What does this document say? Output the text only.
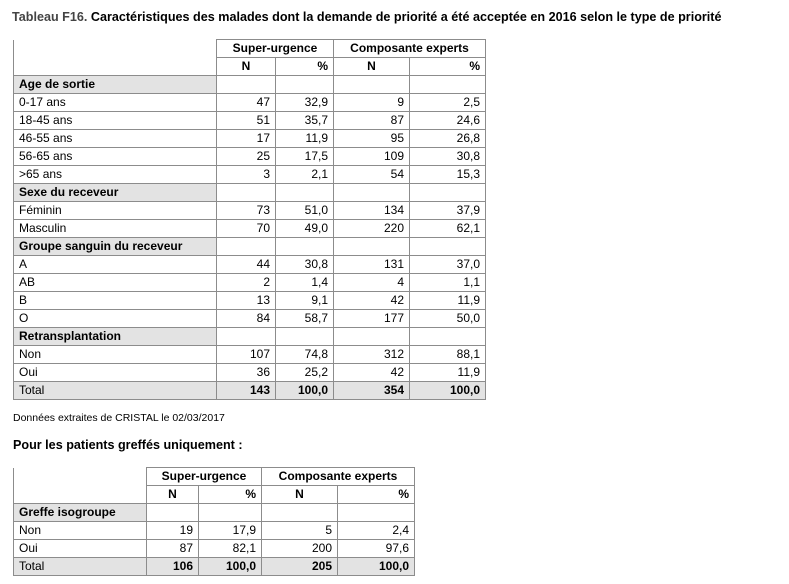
Tableau F16. Caractéristiques des malades dont la demande de priorité a été acceptée en 2016 selon le type de priorité
	Super-urgence		Composante experts	
	N	%	N	%
Age de sortie				
0-17 ans	47	32,9	9	2,5
18-45 ans	51	35,7	87	24,6
46-55 ans	17	11,9	95	26,8
56-65 ans	25	17,5	109	30,8
>65 ans	3	2,1	54	15,3
Sexe du receveur				
Féminin	73	51,0	134	37,9
Masculin	70	49,0	220	62,1
Groupe sanguin du receveur				
A	44	30,8	131	37,0
AB	2	1,4	4	1,1
B	13	9,1	42	11,9
O	84	58,7	177	50,0
Retransplantation				
Non	107	74,8	312	88,1
Oui	36	25,2	42	11,9
Total	143	100,0	354	100,0
Données extraites de CRISTAL le 02/03/2017
Pour les patients greffés uniquement :
	Super-urgence		Composante experts	
	N	%	N	%
Greffe isogroupe				
Non	19	17,9	5	2,4
Oui	87	82,1	200	97,6
Total	106	100,0	205	100,0
